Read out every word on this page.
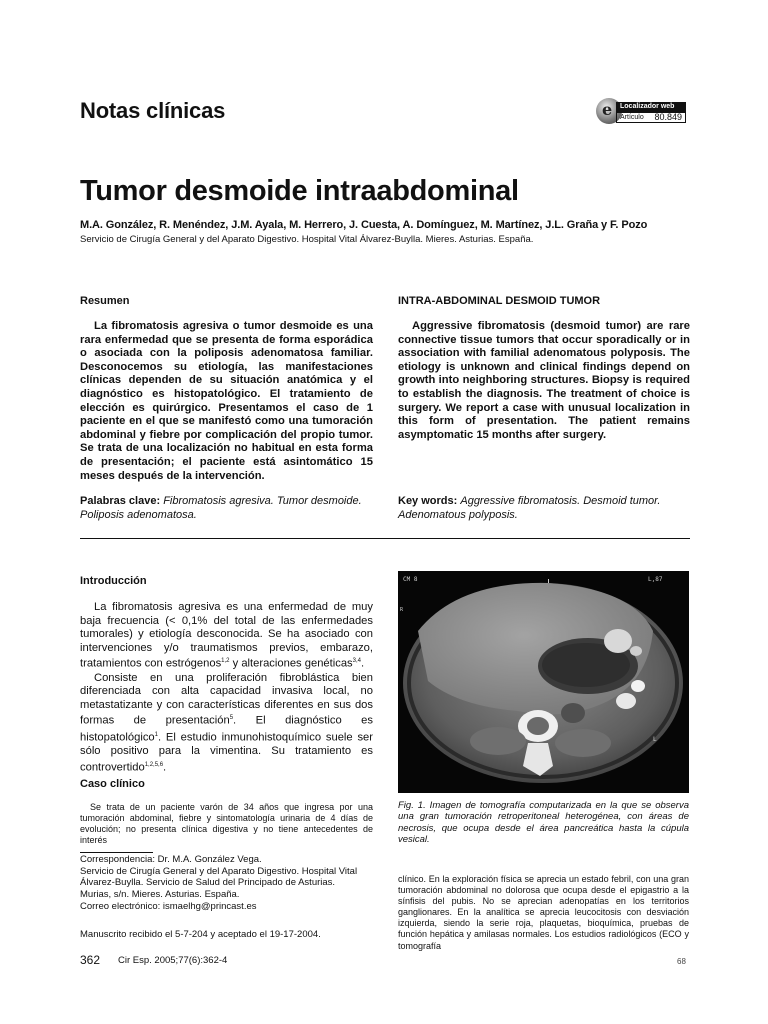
Notas clínicas	e	Localizador web
Artículo 80.849
Tumor desmoide intraabdominal
M.A. González, R. Menéndez, J.M. Ayala, M. Herrero, J. Cuesta, A. Domínguez, M. Martínez, J.L. Graña y F. Pozo
Servicio de Cirugía General y del Aparato Digestivo. Hospital Vital Álvarez-Buylla. Mieres. Asturias. España.
Resumen

La fibromatosis agresiva o tumor desmoide es una rara enfermedad que se presenta de forma esporádica o asociada con la poliposis adenomatosa familiar. Desconocemos su etiología, las manifestaciones clínicas dependen de su situación anatómica y el diagnóstico es histopatológico. El tratamiento de elección es quirúrgico. Presentamos el caso de 1 paciente en el que se manifestó como una tumoración abdominal y fiebre por complicación del propio tumor. Se trata de una localización no habitual en esta forma de presentación; el paciente está asintomático 15 meses después de la intervención.

Palabras clave: Fibromatosis agresiva. Tumor desmoide. Poliposis adenomatosa.
INTRA-ABDOMINAL DESMOID TUMOR

Aggressive fibromatosis (desmoid tumor) are rare connective tissue tumors that occur sporadically or in association with familial adenomatous polyposis. The etiology is unknown and clinical findings depend on growth into neighboring structures. Biopsy is required to establish the diagnosis. The treatment of choice is surgery. We report a case with unusual localization in this form of presentation. The patient remains asymptomatic 15 months after surgery.

Key words: Aggressive fibromatosis. Desmoid tumor. Adenomatous polyposis.
Introducción

La fibromatosis agresiva es una enfermedad de muy baja frecuencia (< 0,1% del total de las enfermedades tumorales) y etiología desconocida. Se ha asociado con intervenciones y/o traumatismos previos, embarazo, tratamientos con estrógenos$^{1,2}$ y alteraciones genéticas$^{3,4}$.

Consiste en una proliferación fibroblástica bien diferenciada con alta capacidad invasiva local, no metastatizante y con características diferentes en sus dos formas de presentación$^5$. El diagnóstico es histopatológico$^1$. El estudio inmunohistoquímico suele ser sólo positivo para la vimentina. Su tratamiento es controvertido$^{1,2,5,6}$.

Caso clínico

Se trata de un paciente varón de 34 años que ingresa por una tumoración abdominal, fiebre y sintomatología urinaria de 4 días de evolución; no presenta clínica digestiva y no tiene antecedentes de interés

CM 8	L,87
R
L
Fig. 1. Imagen de tomografía computarizada en la que se observa una gran tumoración retroperitoneal heterogénea, con áreas de necrosis, que ocupa desde el área pancreática hasta la cúpula vesical.

clínico. En la exploración física se aprecia un estado febril, con una gran tumoración abdominal no dolorosa que ocupa desde el epigastrio a la sínfisis del pubis. No se aprecian adenopatías en los territorios ganglionares. En la analítica se aprecia leucocitosis con desviación izquierda, siendo la serie roja, plaquetas, bioquímica, pruebas de función hepática y amilasas normales. Los estudios radiológicos (ECO y tomografía

Correspondencia: Dr. M.A. González Vega.
Servicio de Cirugía General y del Aparato Digestivo. Hospital Vital Álvarez-Buylla. Servicio de Salud del Principado de Asturias.
Murias, s/n. Mieres. Asturias. España.
Correo electrónico: ismaelhg@princast.es
Manuscrito recibido el 5-7-204 y aceptado el 19-17-2004.
362 Cir Esp. 2005;77(6):362-4	68
